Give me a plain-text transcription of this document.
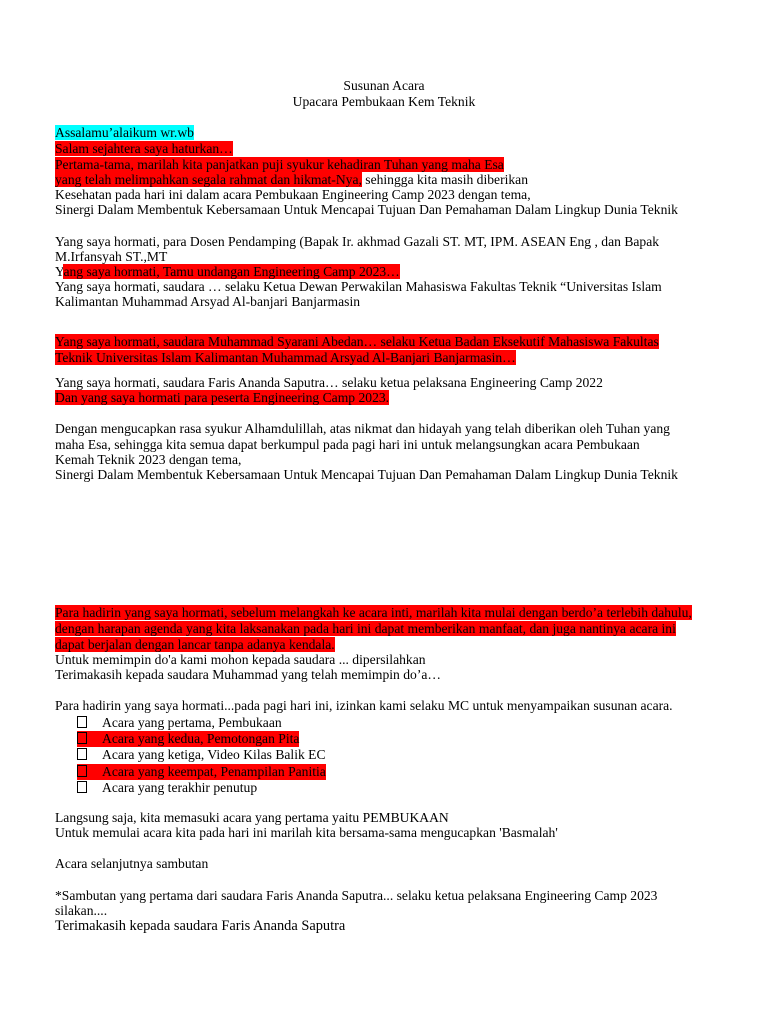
Susunan Acara
Upacara Pembukaan Kem Teknik
Assalamu’alaikum wr.wb
Salam sejahtera saya haturkan…
Pertama-tama, marilah kita panjatkan puji syukur kehadiran Tuhan yang maha Esa
yang telah melimpahkan segala rahmat dan hikmat-Nya, sehingga kita masih diberikan
Kesehatan pada hari ini dalam acara Pembukaan Engineering Camp 2023 dengan tema,
Sinergi Dalam Membentuk Kebersamaan Untuk Mencapai Tujuan Dan Pemahaman Dalam Lingkup Dunia Teknik
Yang saya hormati, para Dosen Pendamping (Bapak Ir. akhmad Gazali ST. MT, IPM. ASEAN Eng , dan Bapak
M.Irfansyah ST.,MT
Yang saya hormati, Tamu undangan Engineering Camp 2023…
Yang saya hormati, saudara … selaku Ketua Dewan Perwakilan Mahasiswa Fakultas Teknik “Universitas Islam
Kalimantan Muhammad Arsyad Al-banjari Banjarmasin
Yang saya hormati, saudara Muhammad Syarani Abedan… selaku Ketua Badan Eksekutif Mahasiswa Fakultas
Teknik Universitas Islam Kalimantan Muhammad Arsyad Al-Banjari Banjarmasin…
Yang saya hormati, saudara Faris Ananda Saputra… selaku ketua pelaksana Engineering Camp 2022
Dan yang saya hormati para peserta Engineering Camp 2023.
Dengan mengucapkan rasa syukur Alhamdulillah, atas nikmat dan hidayah yang telah diberikan oleh Tuhan yang
maha Esa, sehingga kita semua dapat berkumpul pada pagi hari ini untuk melangsungkan acara Pembukaan
Kemah Teknik 2023 dengan tema,
Sinergi Dalam Membentuk Kebersamaan Untuk Mencapai Tujuan Dan Pemahaman Dalam Lingkup Dunia Teknik
Para hadirin yang saya hormati, sebelum melangkah ke acara inti, marilah kita mulai dengan berdo’a terlebih dahulu,
dengan harapan agenda yang kita laksanakan pada hari ini dapat memberikan manfaat, dan juga nantinya acara ini
dapat berjalan dengan lancar tanpa adanya kendala.
Untuk memimpin do'a kami mohon kepada saudara ... dipersilahkan
Terimakasih kepada saudara Muhammad yang telah memimpin do’a…
Para hadirin yang saya hormati...pada pagi hari ini, izinkan kami selaku MC untuk menyampaikan susunan acara.
Acara yang pertama, Pembukaan
Acara yang kedua, Pemotongan Pita
Acara yang ketiga, Video Kilas Balik EC
Acara yang keempat, Penampilan Panitia
Acara yang terakhir penutup
Langsung saja, kita memasuki acara yang pertama yaitu PEMBUKAAN
Untuk memulai acara kita pada hari ini marilah kita bersama-sama mengucapkan 'Basmalah'
Acara selanjutnya sambutan
*Sambutan yang pertama dari saudara Faris Ananda Saputra... selaku ketua pelaksana Engineering Camp 2023
silakan....
Terimakasih kepada saudara Faris Ananda Saputra
